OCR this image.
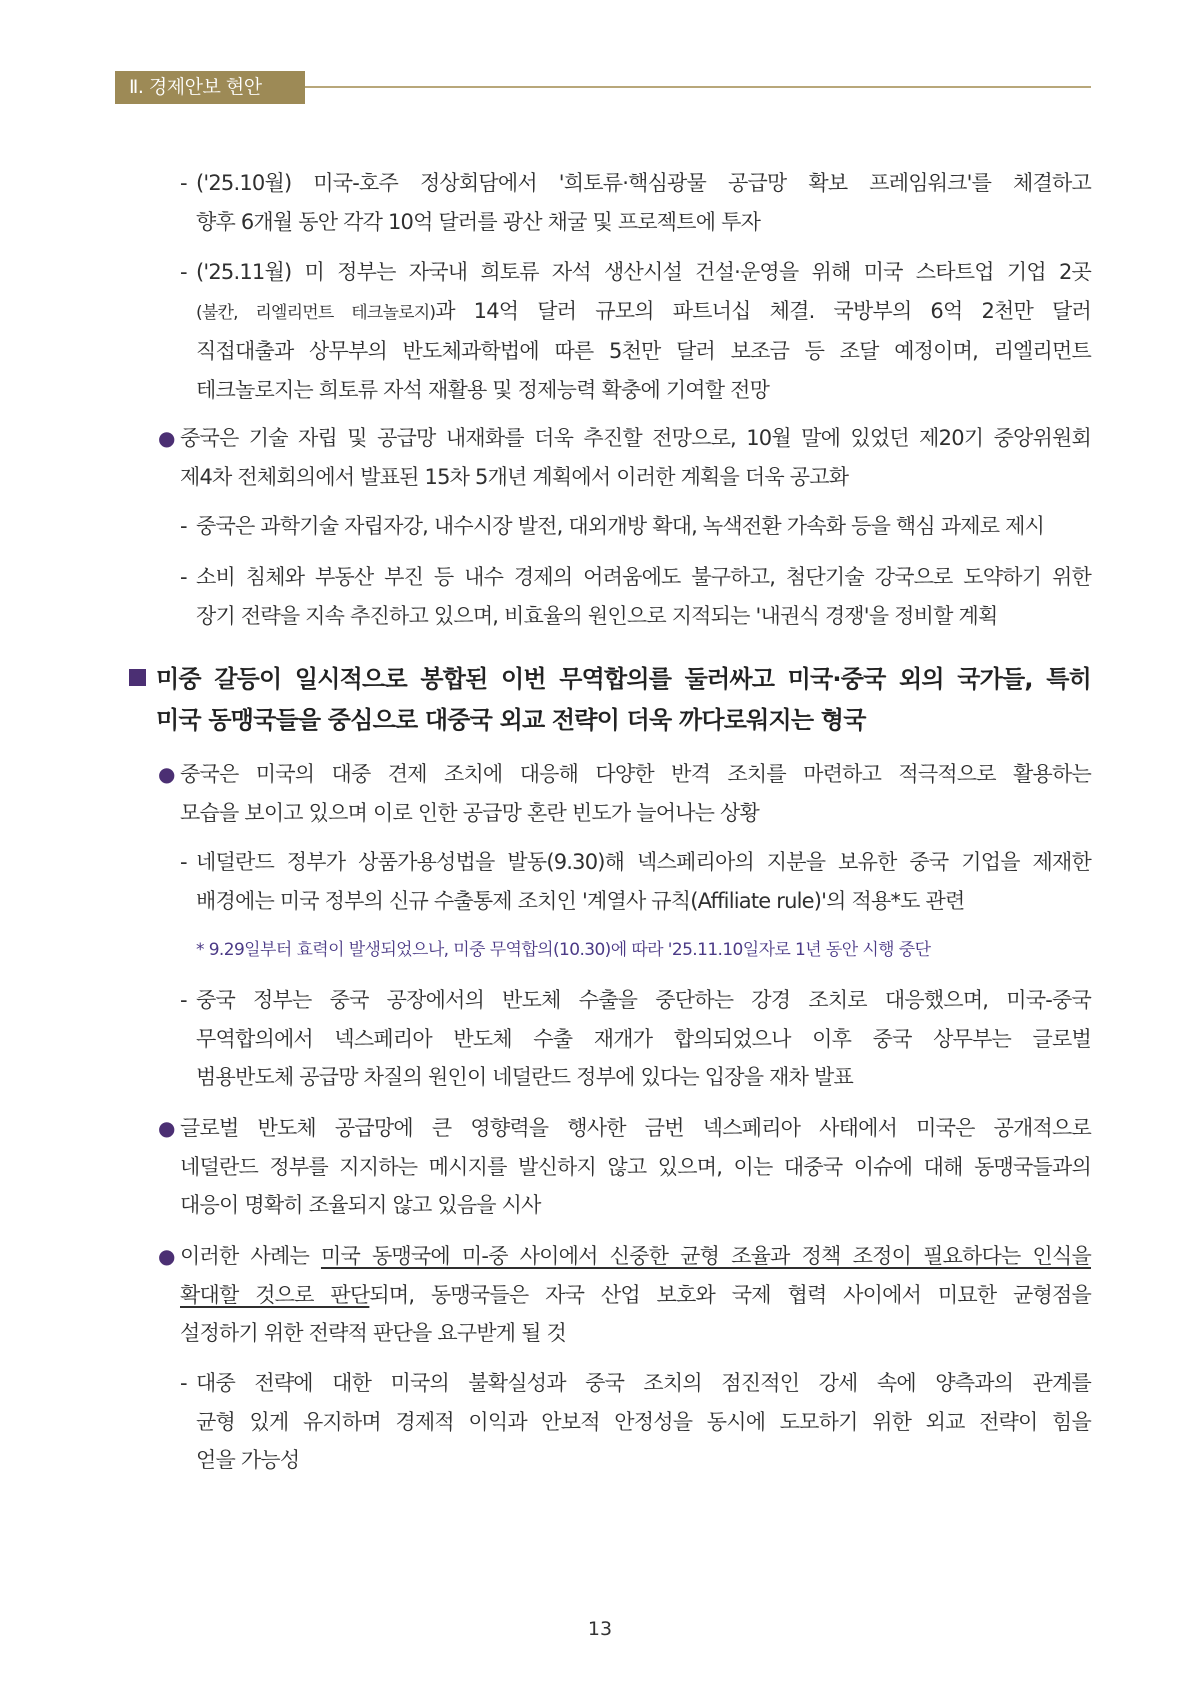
Ⅱ. 경제안보 현안
- ('25.10월) 미국-호주 정상회담에서 '희토류·핵심광물 공급망 확보 프레임워크'를 체결하고
향후 6개월 동안 각각 10억 달러를 광산 채굴 및 프로젝트에 투자
- ('25.11월) 미 정부는 자국내 희토류 자석 생산시설 건설·운영을 위해 미국 스타트업 기업 2곳
(불칸, 리엘리먼트 테크놀로지)과 14억 달러 규모의 파트너십 체결. 국방부의 6억 2천만 달러
직접대출과 상무부의 반도체과학법에 따른 5천만 달러 보조금 등 조달 예정이며, 리엘리먼트
테크놀로지는 희토류 자석 재활용 및 정제능력 확충에 기여할 전망
● 중국은 기술 자립 및 공급망 내재화를 더욱 추진할 전망으로, 10월 말에 있었던 제20기 중앙위원회
제4차 전체회의에서 발표된 15차 5개년 계획에서 이러한 계획을 더욱 공고화
- 중국은 과학기술 자립자강, 내수시장 발전, 대외개방 확대, 녹색전환 가속화 등을 핵심 과제로 제시
- 소비 침체와 부동산 부진 등 내수 경제의 어려움에도 불구하고, 첨단기술 강국으로 도약하기 위한
장기 전략을 지속 추진하고 있으며, 비효율의 원인으로 지적되는 '내권식 경쟁'을 정비할 계획
미중 갈등이 일시적으로 봉합된 이번 무역합의를 둘러싸고 미국·중국 외의 국가들, 특히
미국 동맹국들을 중심으로 대중국 외교 전략이 더욱 까다로워지는 형국
● 중국은 미국의 대중 견제 조치에 대응해 다양한 반격 조치를 마련하고 적극적으로 활용하는
모습을 보이고 있으며 이로 인한 공급망 혼란 빈도가 늘어나는 상황
- 네덜란드 정부가 상품가용성법을 발동(9.30)해 넥스페리아의 지분을 보유한 중국 기업을 제재한
배경에는 미국 정부의 신규 수출통제 조치인 '계열사 규칙(Affiliate rule)'의 적용*도 관련
* 9.29일부터 효력이 발생되었으나, 미중 무역합의(10.30)에 따라 '25.11.10일자로 1년 동안 시행 중단
- 중국 정부는 중국 공장에서의 반도체 수출을 중단하는 강경 조치로 대응했으며, 미국-중국
무역합의에서 넥스페리아 반도체 수출 재개가 합의되었으나 이후 중국 상무부는 글로벌
범용반도체 공급망 차질의 원인이 네덜란드 정부에 있다는 입장을 재차 발표
● 글로벌 반도체 공급망에 큰 영향력을 행사한 금번 넥스페리아 사태에서 미국은 공개적으로
네덜란드 정부를 지지하는 메시지를 발신하지 않고 있으며, 이는 대중국 이슈에 대해 동맹국들과의
대응이 명확히 조율되지 않고 있음을 시사
● 이러한 사례는 미국 동맹국에 미-중 사이에서 신중한 균형 조율과 정책 조정이 필요하다는 인식을
확대할 것으로 판단되며, 동맹국들은 자국 산업 보호와 국제 협력 사이에서 미묘한 균형점을
설정하기 위한 전략적 판단을 요구받게 될 것
- 대중 전략에 대한 미국의 불확실성과 중국 조치의 점진적인 강세 속에 양측과의 관계를
균형 있게 유지하며 경제적 이익과 안보적 안정성을 동시에 도모하기 위한 외교 전략이 힘을
얻을 가능성
13
